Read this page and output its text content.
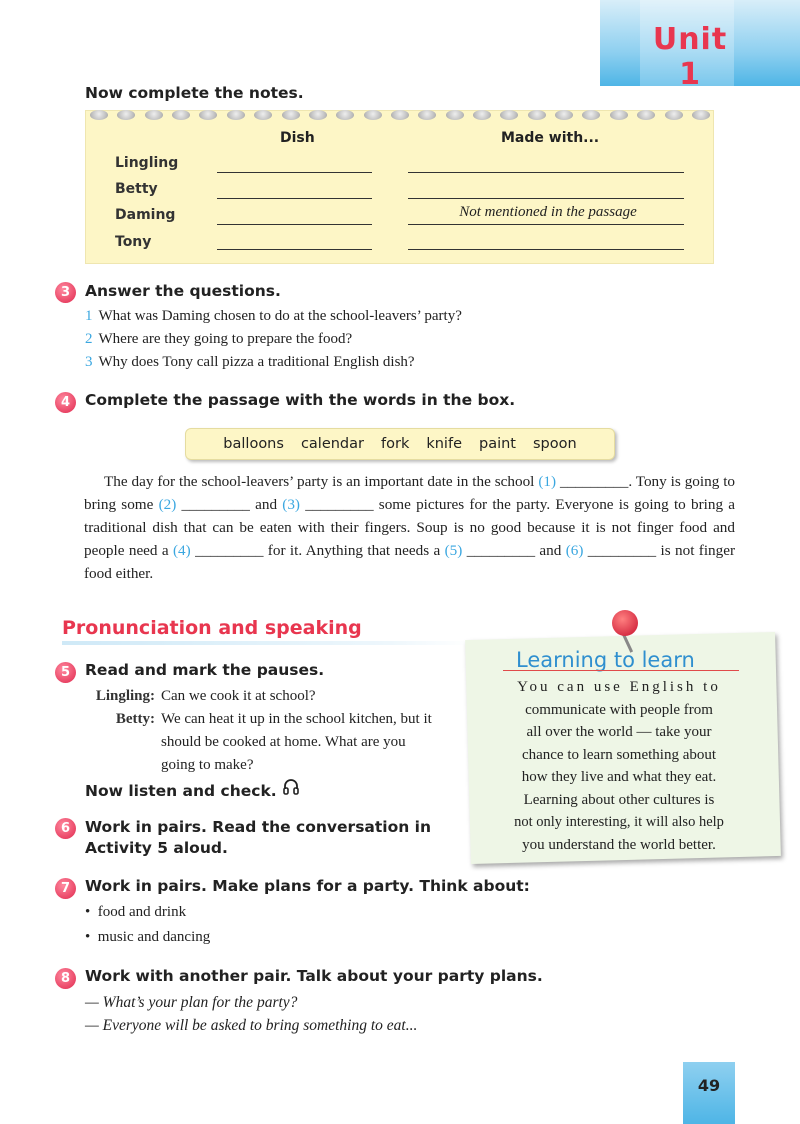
Unit 1
Now complete the notes.
Dish	Made with...
Lingling
Betty
Daming	Not mentioned in the passage
Tony
3 Answer the questions.
1 What was Daming chosen to do at the school-leavers’ party?
2 Where are they going to prepare the food?
3 Why does Tony call pizza a traditional English dish?
4 Complete the passage with the words in the box.
balloons calendar fork knife paint spoon
The day for the school-leavers’ party is an important date in the school (1) _________. Tony is going to bring some (2) _________ and (3) _________ some pictures for the party. Everyone is going to bring a traditional dish that can be eaten with their fingers. Soup is no good because it is not finger food and people need a (4) _________ for it. Anything that needs a (5) _________ and (6) _________ is not finger food either.
Pronunciation and speaking
Learning to learn
You can use English to
communicate with people from
all over the world — take your
chance to learn something about
how they live and what they eat.
Learning about other cultures is
not only interesting, it will also help
you understand the world better.
5 Read and mark the pauses.
Lingling: Can we cook it at school?
Betty: We can heat it up in the school kitchen, but it should be cooked at home. What are you going to make?
Now listen and check.
6 Work in pairs. Read the conversation in
Activity 5 aloud.
7 Work in pairs. Make plans for a party. Think about:
•  food and drink
•  music and dancing
8 Work with another pair. Talk about your party plans.
— What’s your plan for the party?
— Everyone will be asked to bring something to eat...
49
